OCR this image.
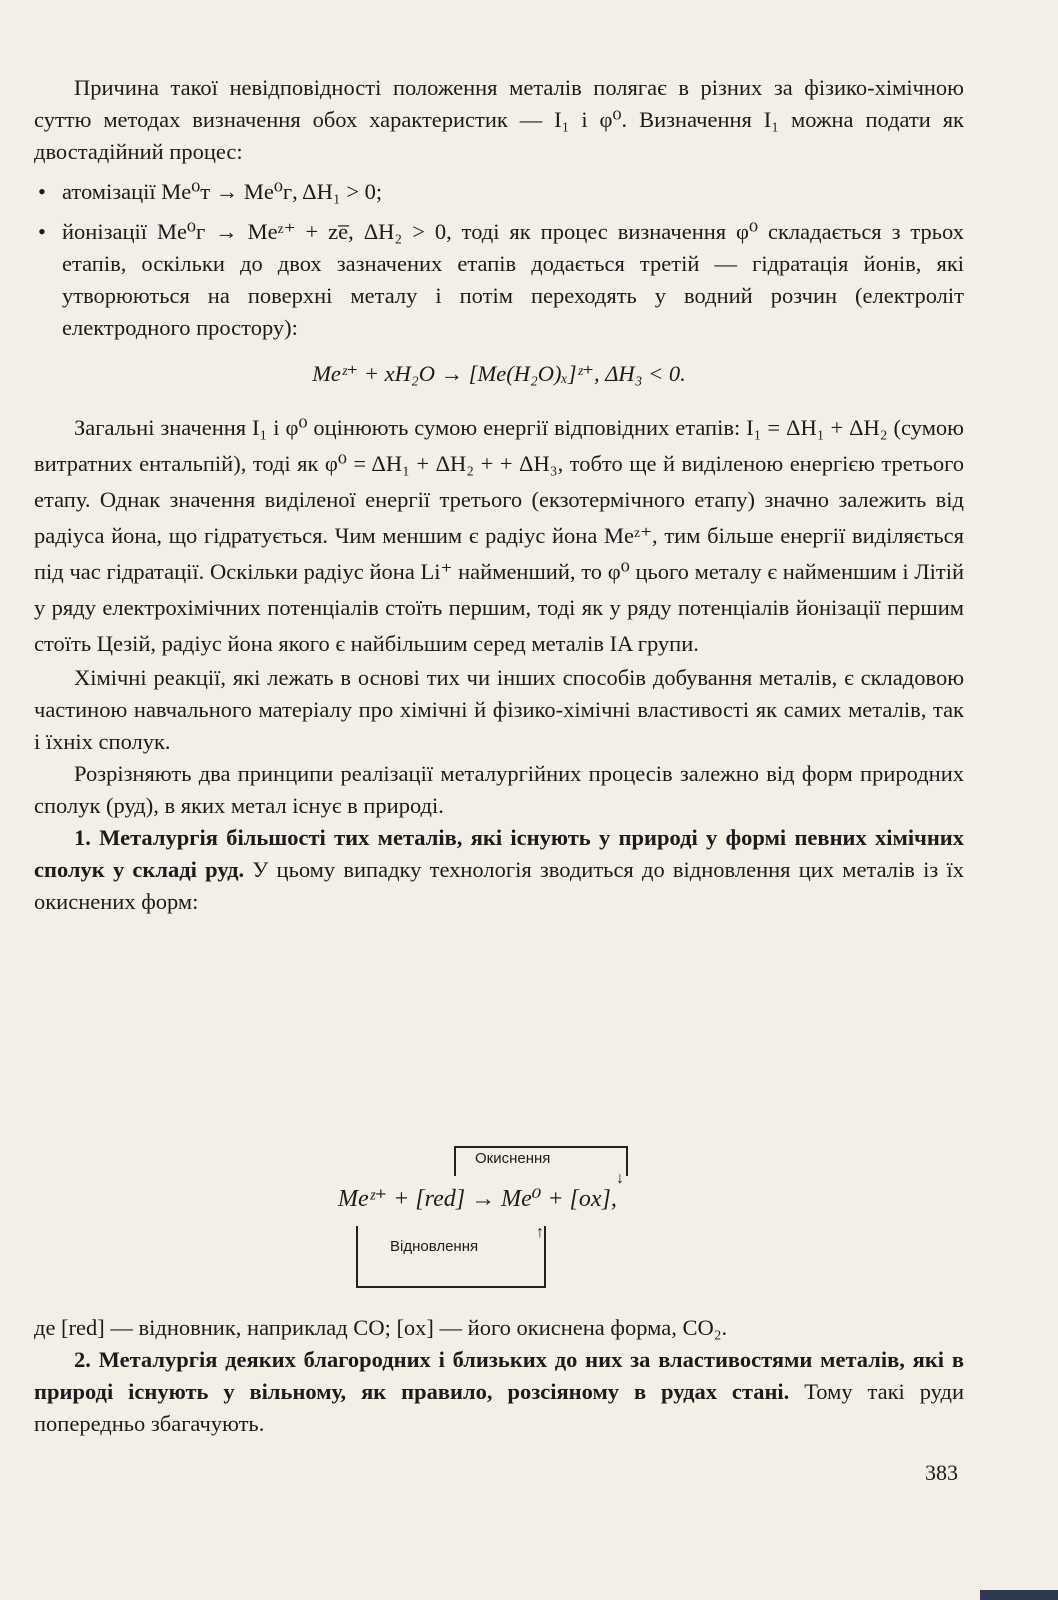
Причина такої невідповідності положення металів полягає в різних за фізико-хімічною суттю методах визначення обох характеристик — I₁ і φ⁰. Визначення I₁ можна подати як двостадійний процес:

• атомізації Me⁰ᴛ → Me⁰ᴦ, ΔH₁ > 0;

• йонізації Me⁰ᴦ → Meᶻ⁺ + ze̅, ΔH₂ > 0, тоді як процес визначення φ⁰ складається з трьох етапів, оскільки до двох зазначених етапів додається третій — гідратація йонів, які утворюються на поверхні металу і потім переходять у водний розчин (електроліт електродного простору):

Meᶻ⁺ + xH₂O → [Me(H₂O)ₓ]ᶻ⁺, ΔH₃ < 0.

Загальні значення I₁ і φ⁰ оцінюють сумою енергії відповідних етапів: I₁ = ΔH₁ + ΔH₂ (сумою витратних ентальпій), тоді як φ⁰ = ΔH₁ + ΔH₂ + + ΔH₃, тобто ще й виділеною енергією третього етапу. Однак значення виділеної енергії третього (екзотермічного етапу) значно залежить від радіуса йона, що гідратується. Чим меншим є радіус йона Meᶻ⁺, тим більше енергії виділяється під час гідратації. Оскільки радіус йона Li⁺ найменший, то φ⁰ цього металу є найменшим і Літій у ряду електрохімічних потенціалів стоїть першим, тоді як у ряду потенціалів йонізації першим стоїть Цезій, радіус йона якого є найбільшим серед металів IA групи.

Хімічні реакції, які лежать в основі тих чи інших способів добування металів, є складовою частиною навчального матеріалу про хімічні й фізико-хімічні властивості як самих металів, так і їхніх сполук.

Розрізняють два принципи реалізації металургійних процесів залежно від форм природних сполук (руд), в яких метал існує в природі.

1. Металургія більшості тих металів, які існують у природі у формі певних хімічних сполук у складі руд. У цьому випадку технологія зводиться до відновлення цих металів із їх окиснених форм:

Окиснення
↓
Meᶻ⁺ + [red] → Me⁰ + [ox],
Відновлення
↑

де [red] — відновник, наприклад CO; [ox] — його окиснена форма, CO₂.

2. Металургія деяких благородних і близьких до них за властивостями металів, які в природі існують у вільному, як правило, розсіяному в рудах стані. Тому такі руди попередньо збагачують.

383
